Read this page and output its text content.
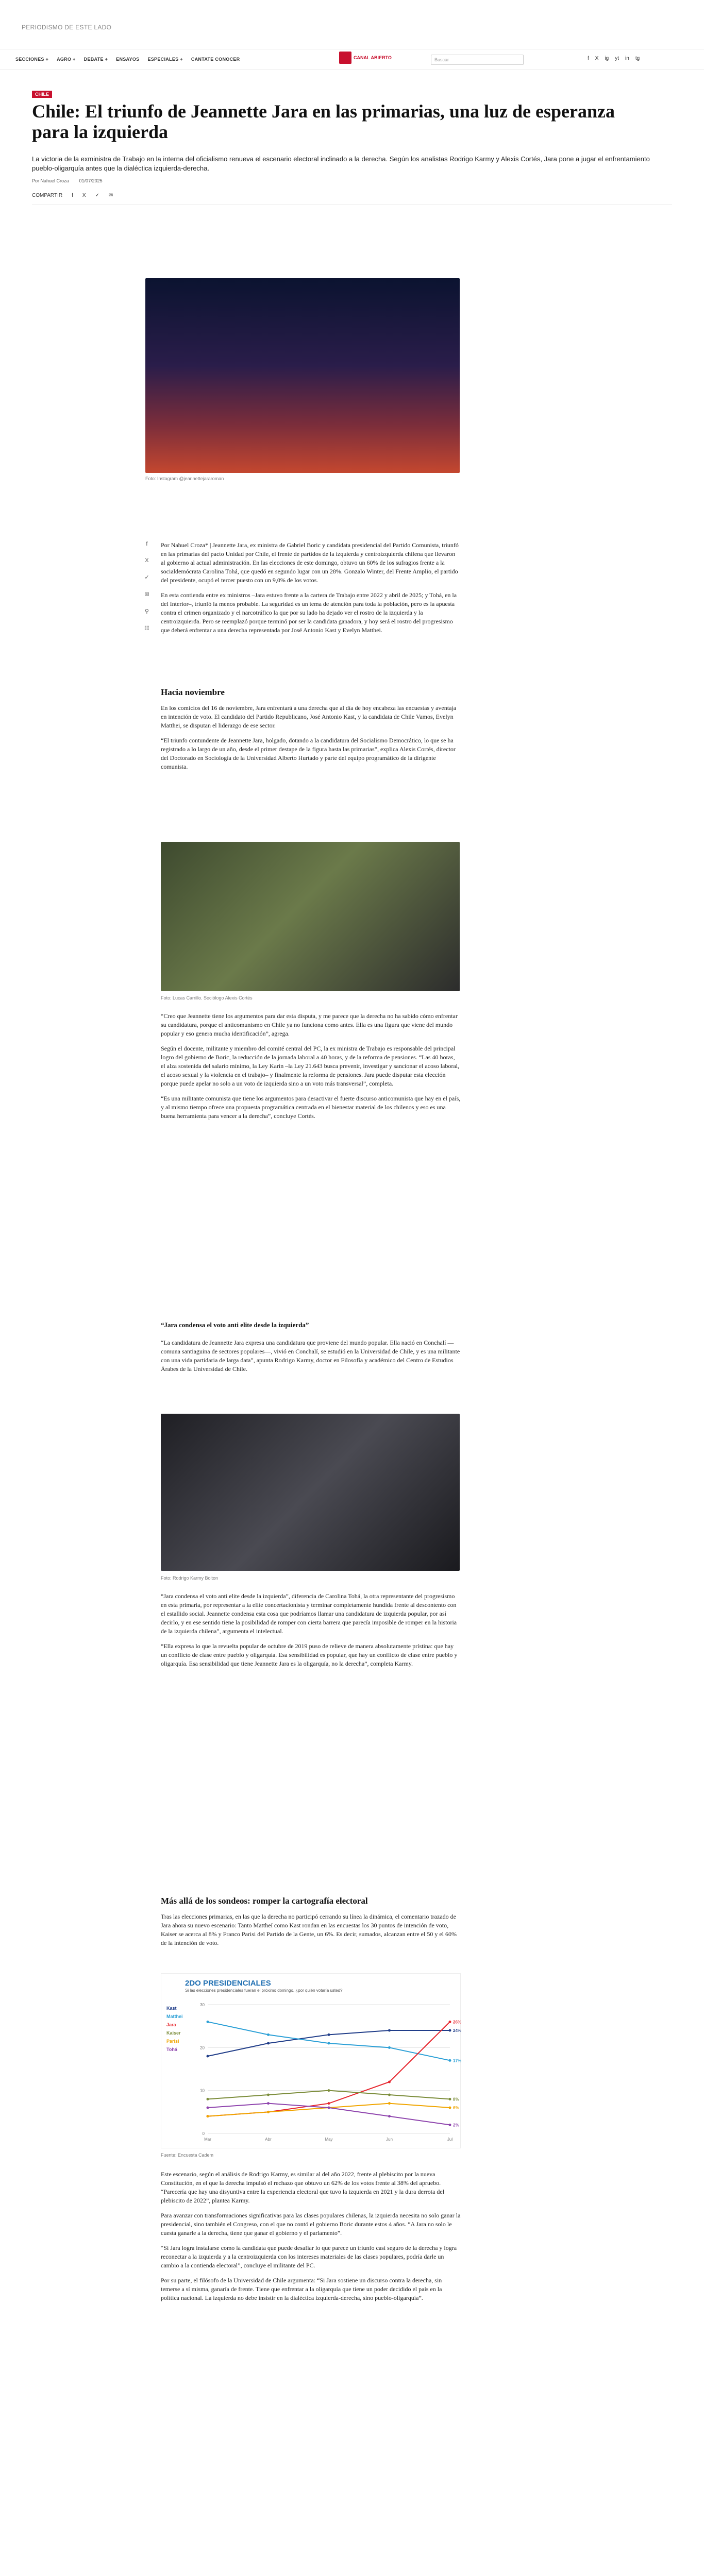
PERIODISMO DE ESTE LADO
SECCIONES + AGRO + DEBATE + ENSAYOS ESPECIALES + CANTATE CONOCER	CANAL ABIERTO	Buscar	f X ig yt in tg
CHILE
Chile: El triunfo de Jeannette Jara en las primarias, una luz de esperanza para la izquierda

La victoria de la exministra de Trabajo en la interna del oficialismo renueva el escenario electoral inclinado a la derecha. Según los analistas Rodrigo Karmy y Alexis Cortés, Jara pone a jugar el enfrentamiento pueblo-oligarquía antes que la dialéctica izquierda-derecha.

Por Nahuel Croza 01/07/2025
COMPARTIR f X ✓ ✉
Foto: Instagram @jeannettejararoman
f
X
✓
✉
⚲
☷

Por Nahuel Croza* | Jeannette Jara, ex ministra de Gabriel Boric y candidata presidencial del Partido Comunista, triunfó en las primarias del pacto Unidad por Chile, el frente de partidos de la izquierda y centroizquierda chilena que llevaron al gobierno al actual administración. En las elecciones de este domingo, obtuvo un 60% de los sufragios frente a la socialdemócrata Carolina Tohá, que quedó en segundo lugar con un 28%. Gonzalo Winter, del Frente Amplio, el partido del presidente, ocupó el tercer puesto con un 9,0% de los votos.

En esta contienda entre ex ministros –Jara estuvo frente a la cartera de Trabajo entre 2022 y abril de 2025; y Tohá, en la del Interior–, triunfó la menos probable. La seguridad es un tema de atención para toda la población, pero es la apuesta contra el crimen organizado y el narcotráfico la que por su lado ha dejado ver el rostro de la izquierda y la centroizquierda. Pero se reemplazó porque terminó por ser la candidata ganadora, y hoy será el rostro del progresismo que deberá enfrentar a una derecha representada por José Antonio Kast y Evelyn Matthei.

Hacia noviembre

En los comicios del 16 de noviembre, Jara enfrentará a una derecha que al día de hoy encabeza las encuestas y aventaja en intención de voto. El candidato del Partido Republicano, José Antonio Kast, y la candidata de Chile Vamos, Evelyn Matthei, se disputan el liderazgo de ese sector.

“El triunfo contundente de Jeannette Jara, holgado, dotando a la candidatura del Socialismo Democrático, lo que se ha registrado a lo largo de un año, desde el primer destape de la figura hasta las primarias”, explica Alexis Cortés, director del Doctorado en Sociología de la Universidad Alberto Hurtado y parte del equipo programático de la dirigente comunista.

Foto: Lucas Carrillo. Sociólogo Alexis Cortés

“Creo que Jeannette tiene los argumentos para dar esta disputa, y me parece que la derecha no ha sabido cómo enfrentar su candidatura, porque el anticomunismo en Chile ya no funciona como antes. Ella es una figura que viene del mundo popular y eso genera mucha identificación”, agrega.

Según el docente, militante y miembro del comité central del PC, la ex ministra de Trabajo es responsable del principal logro del gobierno de Boric, la reducción de la jornada laboral a 40 horas, y de la reforma de pensiones. “Las 40 horas, el alza sostenida del salario mínimo, la Ley Karin –la Ley 21.643 busca prevenir, investigar y sancionar el acoso laboral, el acoso sexual y la violencia en el trabajo– y finalmente la reforma de pensiones. Jara puede disputar esta elección porque puede apelar no solo a un voto de izquierda sino a un voto más transversal”, completa.

“Es una militante comunista que tiene los argumentos para desactivar el fuerte discurso anticomunista que hay en el país, y al mismo tiempo ofrece una propuesta programática centrada en el bienestar material de los chilenos y eso es una buena herramienta para vencer a la derecha”, concluye Cortés.

“Jara condensa el voto anti elite desde la izquierda”

“La candidatura de Jeannette Jara expresa una candidatura que proviene del mundo popular. Ella nació en Conchalí —comuna santiaguina de sectores populares—, vivió en Conchalí, se estudió en la Universidad de Chile, y es una militante con una vida partidaria de larga data”, apunta Rodrigo Karmy, doctor en Filosofía y académico del Centro de Estudios Árabes de la Universidad de Chile.

Foto: Rodrigo Karmy Bolton

“Jara condensa el voto anti elite desde la izquierda”, diferencia de Carolina Tohá, la otra representante del progresismo en esta primaria, por representar a la elite concertacionista y terminar completamente hundida frente al descontento con el estallido social. Jeannette condensa esta cosa que podríamos llamar una candidatura de izquierda popular, por así decirlo, y en ese sentido tiene la posibilidad de romper con cierta barrera que parecía imposible de romper en la historia de la izquierda chilena”, argumenta el intelectual.

“Ella expresa lo que la revuelta popular de octubre de 2019 puso de relieve de manera absolutamente prístina: que hay un conflicto de clase entre pueblo y oligarquía. Esa sensibilidad es popular, que hay un conflicto de clase entre pueblo y oligarquía. Esa sensibilidad que tiene Jeannette Jara es la oligarquía, no la derecha”, completa Karmy.

Más allá de los sondeos: romper la cartografía electoral

Tras las elecciones primarias, en las que la derecha no participó cerrando su línea la dinámica, el comentario trazado de Jara ahora su nuevo escenario: Tanto Mattheí como Kast rondan en las encuestas los 30 puntos de intención de voto, Kaiser se acerca al 8% y Franco Parisi del Partido de la Gente, un 6%. Es decir, sumados, alcanzan entre el 50 y el 60% de la intención de voto.

2DO PRESIDENCIALES
Si las elecciones presidenciales fueran el próximo domingo, ¿por quién votaría usted?
0
10
20
30
Mar	Abr	May	Jun	Jul
24%
Kast
17%
Matthei
26%
Jara
8%
Kaiser
6%
Parisi
2%
Tohá
Fuente: Encuesta Cadem

Este escenario, según el análisis de Rodrigo Karmy, es similar al del año 2022, frente al plebiscito por la nueva Constitución, en el que la derecha impulsó el rechazo que obtuvo un 62% de los votos frente al 38% del apruebo. “Parecería que hay una disyuntiva entre la experiencia electoral que tuvo la izquierda en 2021 y la dura derrota del plebiscito de 2022”, plantea Karmy.

Para avanzar con transformaciones significativas para las clases populares chilenas, la izquierda necesita no solo ganar la presidencial, sino también el Congreso, con el que no contó el gobierno Boric durante estos 4 años. “A Jara no solo le cuesta ganarle a la derecha, tiene que ganar el gobierno y el parlamento”.

“Si Jara logra instalarse como la candidata que puede desafiar lo que parece un triunfo casi seguro de la derecha y logra reconectar a la izquierda y a la centroizquierda con los intereses materiales de las clases populares, podría darle un cambio a la contienda electoral”, concluye el militante del PC.

Por su parte, el filósofo de la Universidad de Chile argumenta: “Si Jara sostiene un discurso contra la derecha, sin temerse a sí misma, ganaría de frente. Tiene que enfrentar a la oligarquía que tiene un poder decidido el país en la política nacional. La izquierda no debe insistir en la dialéctica izquierda-derecha, sino pueblo-oligarquía”.
